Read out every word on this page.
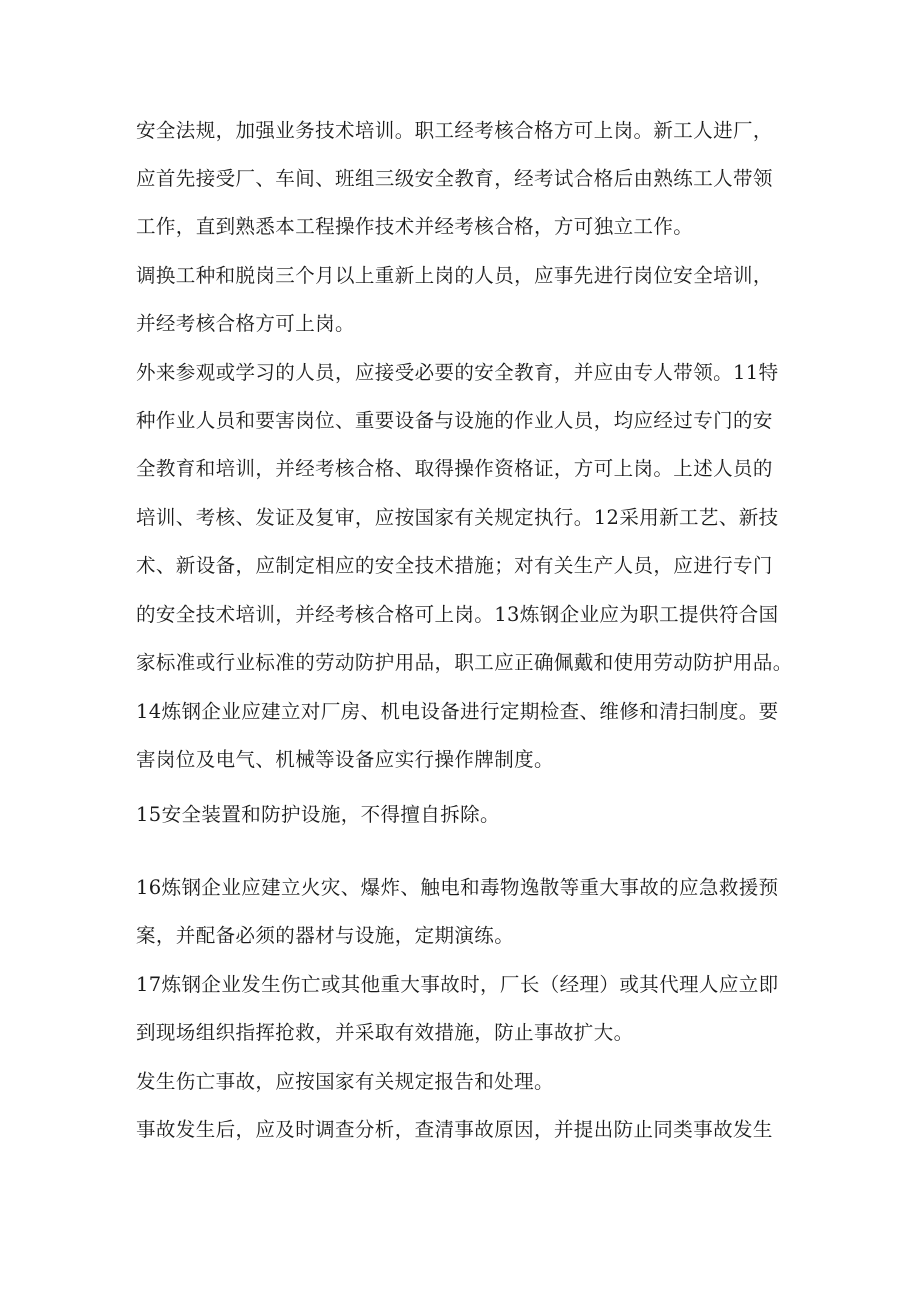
安全法规，加强业务技术培训。职工经考核合格方可上岗。新工人进厂，
应首先接受厂、车间、班组三级安全教育，经考试合格后由熟练工人带领
工作，直到熟悉本工程操作技术并经考核合格，方可独立工作。
调换工种和脱岗三个月以上重新上岗的人员，应事先进行岗位安全培训，
并经考核合格方可上岗。
外来参观或学习的人员，应接受必要的安全教育，并应由专人带领。11特
种作业人员和要害岗位、重要设备与设施的作业人员，均应经过专门的安
全教育和培训，并经考核合格、取得操作资格证，方可上岗。上述人员的
培训、考核、发证及复审，应按国家有关规定执行。12采用新工艺、新技
术、新设备，应制定相应的安全技术措施；对有关生产人员，应进行专门
的安全技术培训，并经考核合格可上岗。13炼钢企业应为职工提供符合国
家标准或行业标准的劳动防护用品，职工应正确佩戴和使用劳动防护用品。
14炼钢企业应建立对厂房、机电设备进行定期检查、维修和清扫制度。要
害岗位及电气、机械等设备应实行操作牌制度。
15安全装置和防护设施，不得擅自拆除。
16炼钢企业应建立火灾、爆炸、触电和毒物逸散等重大事故的应急救援预
案，并配备必须的器材与设施，定期演练。
17炼钢企业发生伤亡或其他重大事故时，厂长（经理）或其代理人应立即
到现场组织指挥抢救，并采取有效措施，防止事故扩大。
发生伤亡事故，应按国家有关规定报告和处理。
事故发生后，应及时调查分析，查清事故原因，并提出防止同类事故发生
